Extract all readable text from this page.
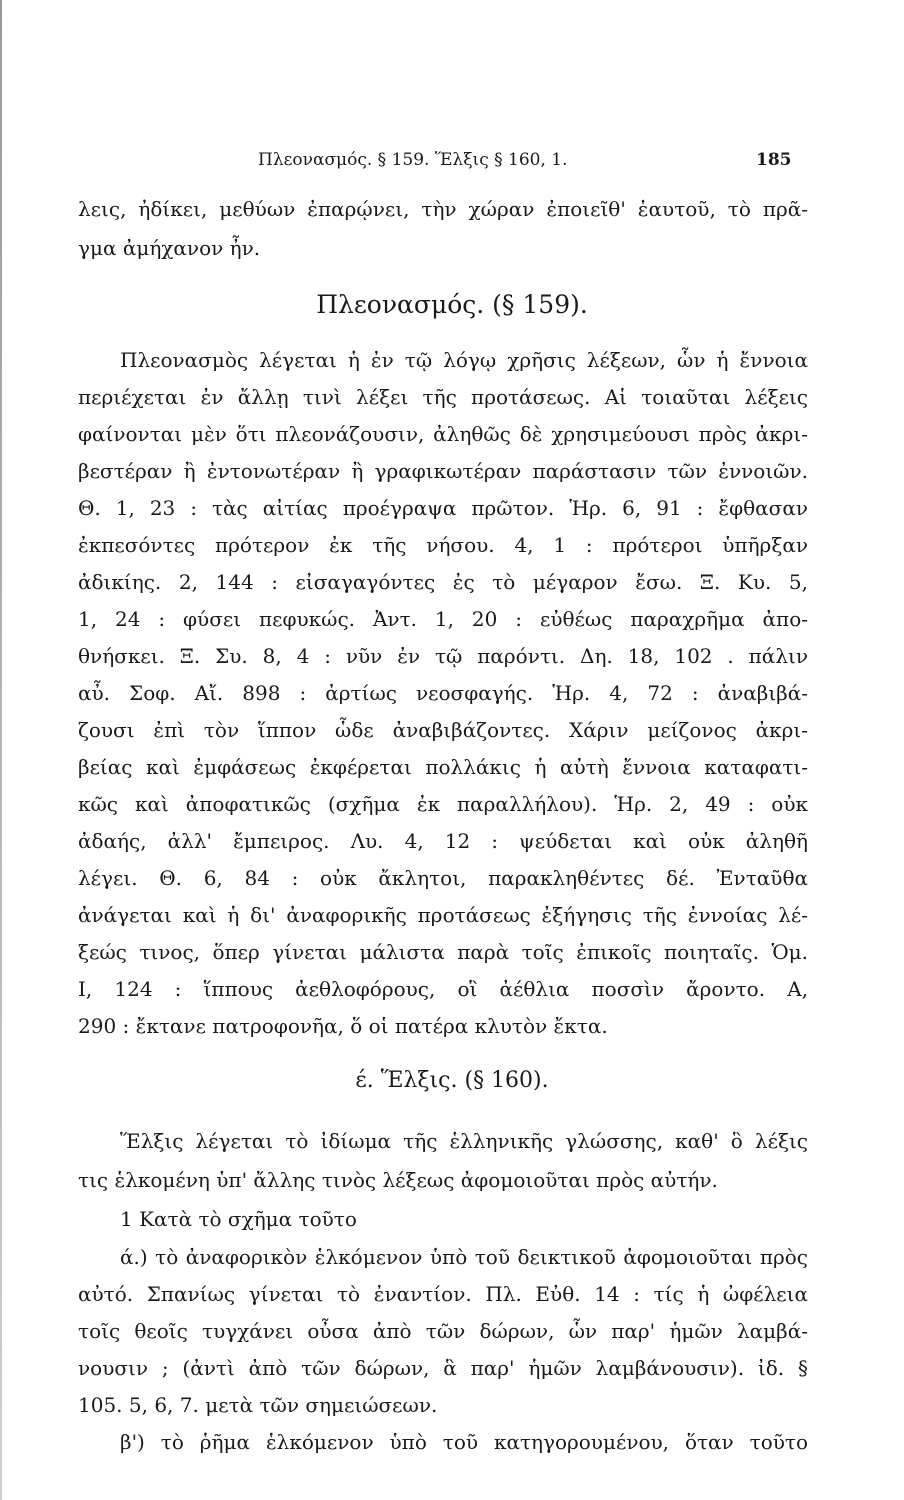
Πλεονασμός. § 159. Ἕλξις § 160, 1.	185
λεις, ἠδίκει, μεθύων ἐπαρῴνει, τὴν χώραν ἐποιεῖθ' ἑαυτοῦ, τὸ πρᾶ-
γμα ἀμήχανον ἦν.
Πλεονασμός. (§ 159).
Πλεονασμὸς λέγεται ἡ ἐν τῷ λόγῳ χρῆσις λέξεων, ὧν ἡ ἔννοια
περιέχεται ἐν ἄλλῃ τινὶ λέξει τῆς προτάσεως. Αἱ τοιαῦται λέξεις
φαίνονται μὲν ὅτι πλεονάζουσιν, ἀληθῶς δὲ χρησιμεύουσι πρὸς ἀκρι-
βεστέραν ἢ ἐντονωτέραν ἢ γραφικωτέραν παράστασιν τῶν ἐννοιῶν.
Θ. 1, 23 : τὰς αἰτίας προέγραψα πρῶτον. Ἡρ. 6, 91 : ἔφθασαν
ἐκπεσόντες πρότερον ἐκ τῆς νήσου. 4, 1 : πρότεροι ὑπῆρξαν
ἀδικίης. 2, 144 : εἰσαγαγόντες ἐς τὸ μέγαρον ἔσω. Ξ. Κυ. 5,
1, 24 : φύσει πεφυκώς. Ἀντ. 1, 20 : εὐθέως παραχρῆμα ἀπο-
θνήσκει. Ξ. Συ. 8, 4 : νῦν ἐν τῷ παρόντι. Δη. 18, 102 . πάλιν
αὖ. Σοφ. Αἴ. 898 : ἀρτίως νεοσφαγής. Ἡρ. 4, 72 : ἀναβιβά-
ζουσι ἐπὶ τὸν ἵππον ὧδε ἀναβιβάζοντες. Χάριν μείζονος ἀκρι-
βείας καὶ ἐμφάσεως ἐκφέρεται πολλάκις ἡ αὐτὴ ἔννοια καταφατι-
κῶς καὶ ἀποφατικῶς (σχῆμα ἐκ παραλλήλου). Ἡρ. 2, 49 : οὐκ
ἀδαής, ἀλλ' ἔμπειρος. Λυ. 4, 12 : ψεύδεται καὶ οὐκ ἀληθῆ
λέγει. Θ. 6, 84 : οὐκ ἄκλητοι, παρακληθέντες δέ. Ἐνταῦθα
ἀνάγεται καὶ ἡ δι' ἀναφορικῆς προτάσεως ἐξήγησις τῆς ἐννοίας λέ-
ξεώς τινος, ὅπερ γίνεται μάλιστα παρὰ τοῖς ἐπικοῖς ποιηταῖς. Ὁμ.
Ι, 124 : ἵππους ἀεθλοφόρους, οἳ ἀέθλια ποσσὶν ἄροντο. Α,
290 : ἔκτανε πατροφονῆα, ὅ οἱ πατέρα κλυτὸν ἔκτα.
έ. Ἕλξις. (§ 160).
Ἕλξις λέγεται τὸ ἰδίωμα τῆς ἑλληνικῆς γλώσσης, καθ' ὃ λέξις
τις ἑλκομένη ὑπ' ἄλλης τινὸς λέξεως ἀφομοιοῦται πρὸς αὐτήν.
1 Κατὰ τὸ σχῆμα τοῦτο
ά.) τὸ ἀναφορικὸν ἑλκόμενον ὑπὸ τοῦ δεικτικοῦ ἀφομοιοῦται πρὸς
αὐτό. Σπανίως γίνεται τὸ ἐναντίον. Πλ. Εὐθ. 14 : τίς ἡ ὠφέλεια
τοῖς θεοῖς τυγχάνει οὖσα ἀπὸ τῶν δώρων, ὧν παρ' ἡμῶν λαμβά-
νουσιν ; (ἀντὶ ἀπὸ τῶν δώρων, ἃ παρ' ἡμῶν λαμβάνουσιν). ἰδ. §
105. 5, 6, 7. μετὰ τῶν σημειώσεων.
β') τὸ ῥῆμα ἑλκόμενον ὑπὸ τοῦ κατηγορουμένου, ὅταν τοῦτο
